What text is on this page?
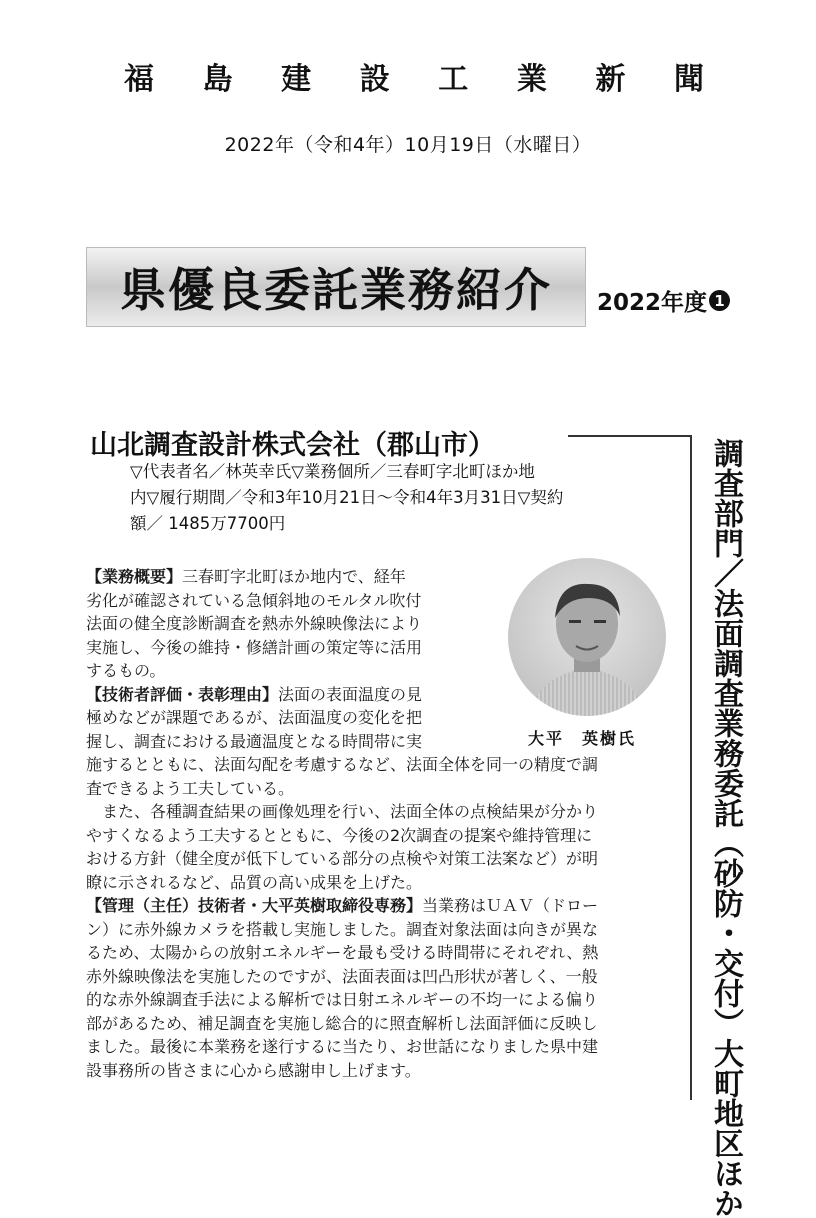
福 島 建 設 工 業 新 聞
2022年（令和4年）10月19日（水曜日）
県優良委託業務紹介 2022年度 1
山北調査設計株式会社（郡山市）
▽代表者名／林英幸氏▽業務個所／三春町字北町ほか地
内▽履行期間／令和3年10月21日～令和4年3月31日▽契約
額／ 1485万7700円
大平　英樹氏
【業務概要】三春町字北町ほか地内で、経年
劣化が確認されている急傾斜地のモルタル吹付
法面の健全度診断調査を熱赤外線映像法により
実施し、今後の維持・修繕計画の策定等に活用
するもの。
【技術者評価・表彰理由】法面の表面温度の見
極めなどが課題であるが、法面温度の変化を把
握し、調査における最適温度となる時間帯に実
施するとともに、法面勾配を考慮するなど、法面全体を同一の精度で調
査できるよう工夫している。
　また、各種調査結果の画像処理を行い、法面全体の点検結果が分かり
やすくなるよう工夫するとともに、今後の2次調査の提案や維持管理に
おける方針（健全度が低下している部分の点検や対策工法案など）が明
瞭に示されるなど、品質の高い成果を上げた。
【管理（主任）技術者・大平英樹取締役専務】当業務はＵＡＶ（ドロー
ン）に赤外線カメラを搭載し実施しました。調査対象法面は向きが異な
るため、太陽からの放射エネルギーを最も受ける時間帯にそれぞれ、熱
赤外線映像法を実施したのですが、法面表面は凹凸形状が著しく、一般
的な赤外線調査手法による解析では日射エネルギーの不均一による偏り
部があるため、補足調査を実施し総合的に照査解析し法面評価に反映し
ました。最後に本業務を遂行するに当たり、お世話になりました県中建
設事務所の皆さまに心から感謝申し上げます。	調査部門／法面調査業務委託（砂防・交付）大町地区ほか
